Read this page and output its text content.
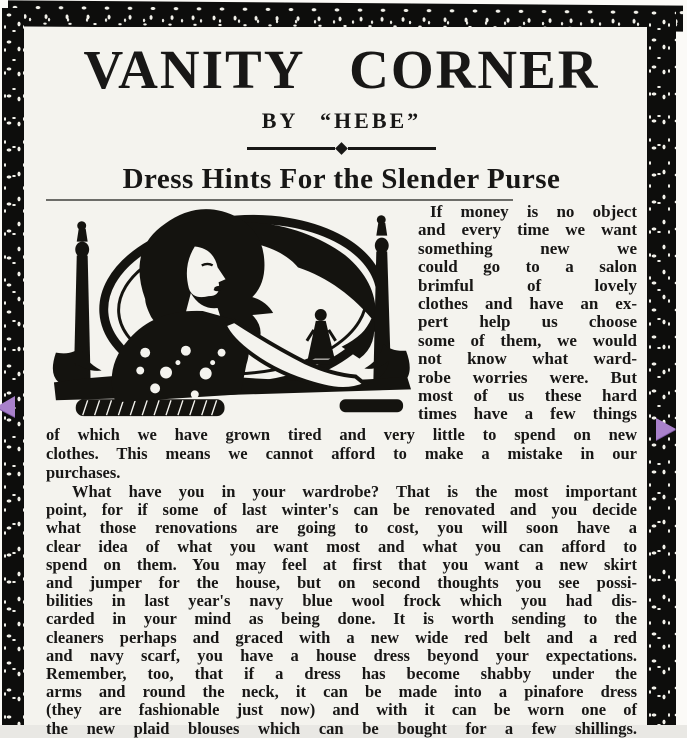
VANITY CORNER
BY “HEBE”
Dress Hints For the Slender Purse
If money is no object
and every time we want
something new we
could go to a salon
brimful of lovely
clothes and have an ex-
pert help us choose
some of them, we would
not know what ward-
robe worries were. But
most of us these hard
times have a few things
of which we have grown tired and very little to spend on new
clothes. This means we cannot afford to make a mistake in our
purchases.
What have you in your wardrobe? That is the most important
point, for if some of last winter's can be renovated and you decide
what those renovations are going to cost, you will soon have a
clear idea of what you want most and what you can afford to
spend on them. You may feel at first that you want a new skirt
and jumper for the house, but on second thoughts you see possi-
bilities in last year's navy blue wool frock which you had dis-
carded in your mind as being done. It is worth sending to the
cleaners perhaps and graced with a new wide red belt and a red
and navy scarf, you have a house dress beyond your expectations.
Remember, too, that if a dress has become shabby under the
arms and round the neck, it can be made into a pinafore dress
(they are fashionable just now) and with it can be worn one of
the new plaid blouses which can be bought for a few shillings.
